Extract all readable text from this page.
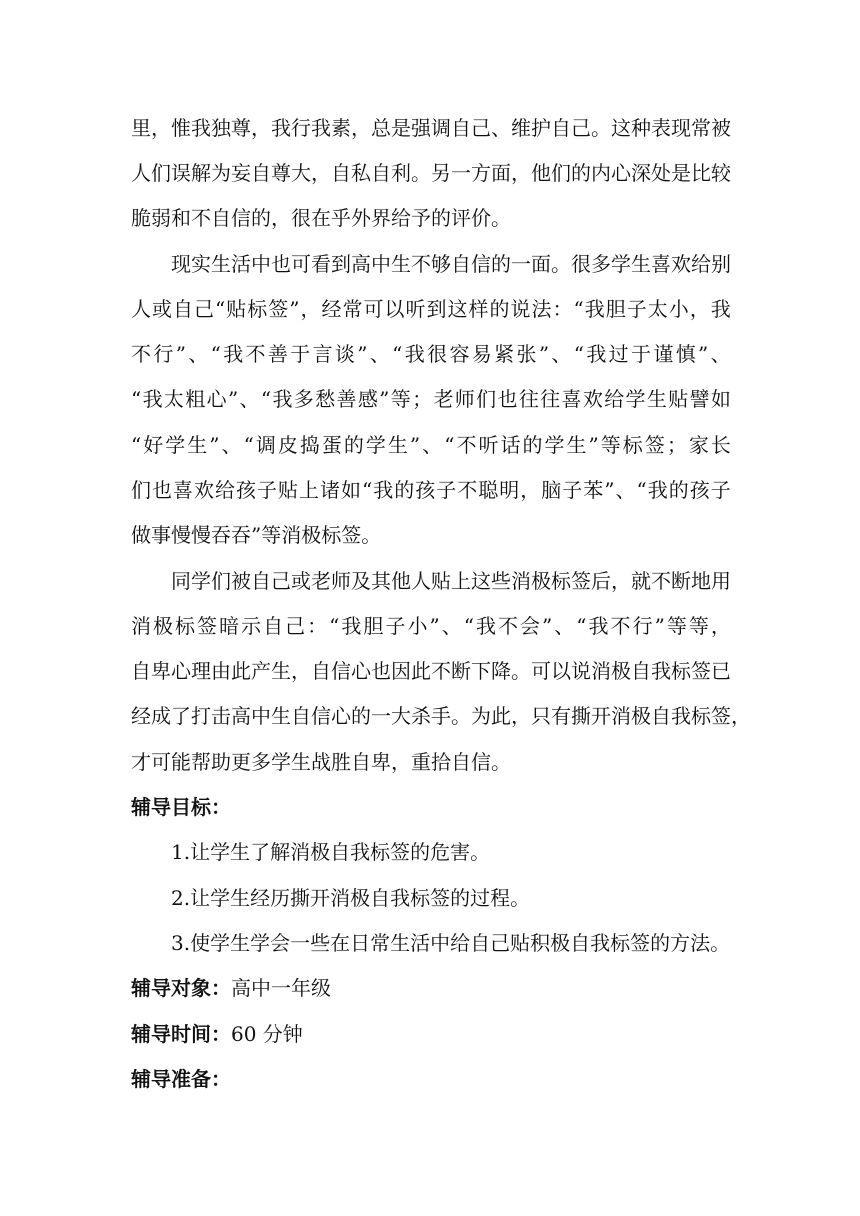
里 ， 惟 我 独 尊 ， 我 行 我 素 ， 总 是 强 调 自 己 、 维 护 自 己 。 这 种 表 现 常 被
人 们 误 解 为 妄 自 尊 大 ， 自 私 自 利 。 另 一 方 面 ， 他 们 的 内 心 深 处 是 比 较
脆弱和不自信的，很在乎外界给予的评价。
现 实 生 活 中 也 可 看 到 高 中 生 不 够 自 信 的 一 面 。 很 多 学 生 喜 欢 给 别
人 或 自 己 “ 贴 标 签 ” ， 经 常 可 以 听 到 这 样 的 说 法 ： “ 我 胆 子 太 小 ， 我
不 行 ” 、 “ 我 不 善 于 言 谈 ” 、 “ 我 很 容 易 紧 张 ” 、 “ 我 过 于 谨 慎 ” 、
“ 我 太 粗 心 ” 、 “ 我 多 愁 善 感 ” 等 ； 老 师 们 也 往 往 喜 欢 给 学 生 贴 譬 如
“ 好 学 生 ” 、 “ 调 皮 捣 蛋 的 学 生 ” 、 “ 不 听 话 的 学 生 ” 等 标 签 ； 家 长
们 也 喜 欢 给 孩 子 贴 上 诸 如 “ 我 的 孩 子 不 聪 明 ， 脑 子 苯 ” 、 “ 我 的 孩 子
做事慢慢吞吞”等消极标签。
同 学 们 被 自 己 或 老 师 及 其 他 人 贴 上 这 些 消 极 标 签 后 ， 就 不 断 地 用
消 极 标 签 暗 示 自 己 ： “ 我 胆 子 小 ” 、 “ 我 不 会 ” 、 “ 我 不 行 ” 等 等 ，
自 卑 心 理 由 此 产 生 ， 自 信 心 也 因 此 不 断 下 降 。 可 以 说 消 极 自 我 标 签 已
经 成 了 打 击 高 中 生 自 信 心 的 一 大 杀 手 。 为 此 ， 只 有 撕 开 消 极 自 我 标 签 ，
才可能帮助更多学生战胜自卑，重拾自信。
辅导目标：
1.让学生了解消极自我标签的危害。
2.让学生经历撕开消极自我标签的过程。
3.使学生学会一些在日常生活中给自己贴积极自我标签的方法。
辅导对象：高中一年级
辅导时间：60 分钟
辅导准备：
